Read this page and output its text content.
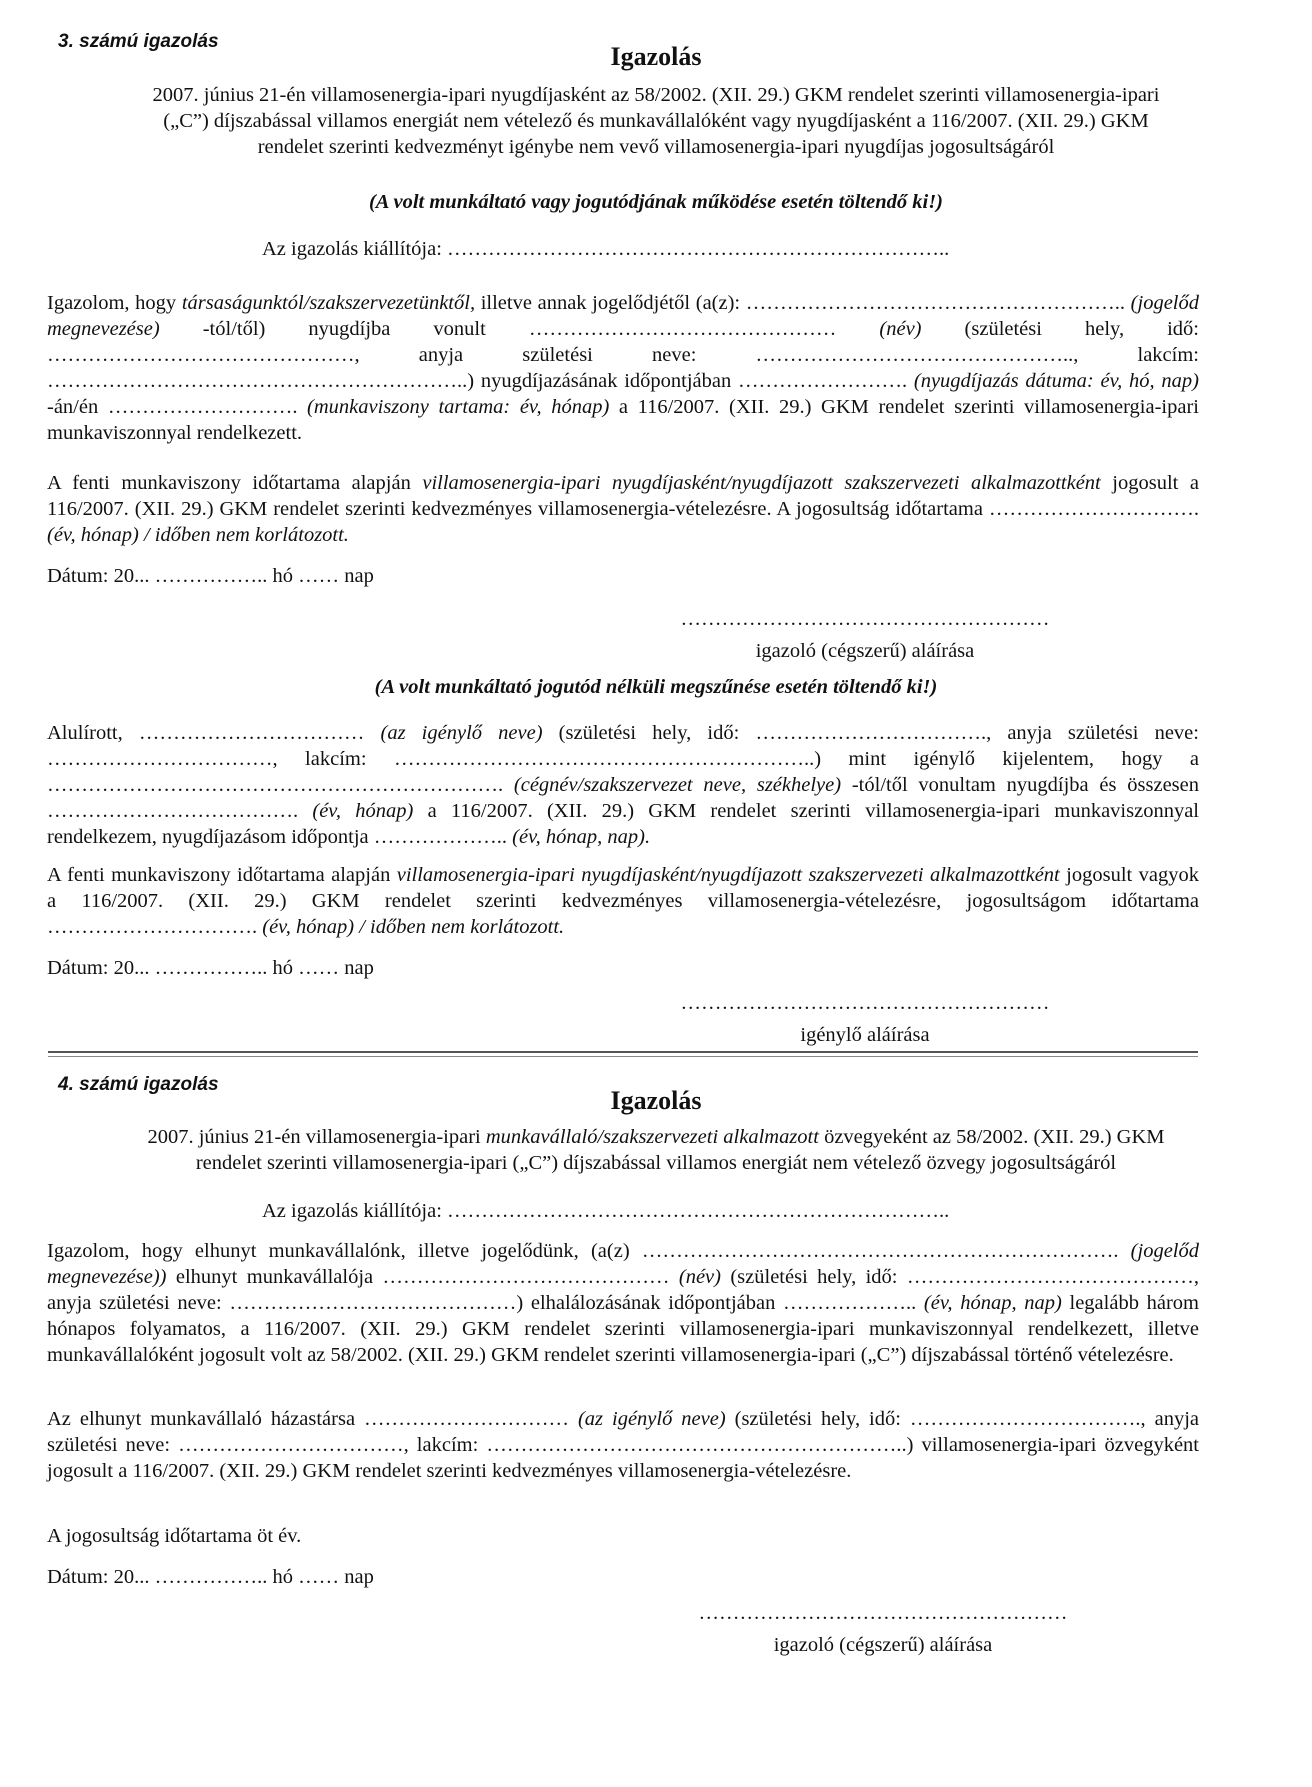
3. számú igazolás
Igazolás
2007. június 21-én villamosenergia-ipari nyugdíjasként az 58/2002. (XII. 29.) GKM rendelet szerinti villamosenergia-ipari
(„C”) díjszabással villamos energiát nem vételező és munkavállalóként vagy nyugdíjasként a 116/2007. (XII. 29.) GKM
rendelet szerinti kedvezményt igénybe nem vevő villamosenergia-ipari nyugdíjas jogosultságáról
(A volt munkáltató vagy jogutódjának működése esetén töltendő ki!)
Az igazolás kiállítója: ………………………………………………………………..

Igazolom, hogy társaságunktól/szakszervezetünktől, illetve annak jogelődjétől (a(z): ……………………………………………….. (jogelőd megnevezése) -tól/től) nyugdíjba vonult ……………………………………… (név) (születési hely, idő: ………………………………………, anyja születési neve: ……………………………………….., lakcím: ……………………………………………………..) nyugdíjazásának időpontjában ……………………. (nyugdíjazás dátuma: év, hó, nap) -án/én ………………………. (munkaviszony tartama: év, hónap) a 116/2007. (XII. 29.) GKM rendelet szerinti villamosenergia-ipari munkaviszonnyal rendelkezett.

A fenti munkaviszony időtartama alapján villamosenergia-ipari nyugdíjasként/nyugdíjazott szakszervezeti alkalmazottként jogosult a 116/2007. (XII. 29.) GKM rendelet szerinti kedvezményes villamosenergia-vételezésre. A jogosultság időtartama …………………………. (év, hónap) / időben nem korlátozott.

Dátum: 20... …………….. hó …… nap
………………………………………………
igazoló (cégszerű) aláírása
(A volt munkáltató jogutód nélküli megszűnése esetén töltendő ki!)

Alulírott, …………………………… (az igénylő neve) (születési hely, idő: ……………………………., anyja születési neve: ……………………………, lakcím: ……………………………………………………..) mint igénylő kijelentem, hogy a …………………………………………………………. (cégnév/szakszervezet neve, székhelye) -tól/től vonultam nyugdíjba és összesen ………………………………. (év, hónap) a 116/2007. (XII. 29.) GKM rendelet szerinti villamosenergia-ipari munkaviszonnyal rendelkezem, nyugdíjazásom időpontja ……………….. (év, hónap, nap).

A fenti munkaviszony időtartama alapján villamosenergia-ipari nyugdíjasként/nyugdíjazott szakszervezeti alkalmazottként jogosult vagyok a 116/2007. (XII. 29.) GKM rendelet szerinti kedvezményes villamosenergia-vételezésre, jogosultságom időtartama …………………………. (év, hónap) / időben nem korlátozott.

Dátum: 20... …………….. hó …… nap
………………………………………………
igénylő aláírása
4. számú igazolás
Igazolás
2007. június 21-én villamosenergia-ipari munkavállaló/szakszervezeti alkalmazott özvegyeként az 58/2002. (XII. 29.) GKM
rendelet szerinti villamosenergia-ipari („C”) díjszabással villamos energiát nem vételező özvegy jogosultságáról
Az igazolás kiállítója: ………………………………………………………………..

Igazolom, hogy elhunyt munkavállalónk, illetve jogelődünk, (a(z) ……………………………………………………………. (jogelőd megnevezése)) elhunyt munkavállalója …………………………………… (név) (születési hely, idő: ……………………………………, anyja születési neve: ……………………………………) elhalálozásának időpontjában ……………….. (év, hónap, nap) legalább három hónapos folyamatos, a 116/2007. (XII. 29.) GKM rendelet szerinti villamosenergia-ipari munkaviszonnyal rendelkezett, illetve munkavállalóként jogosult volt az 58/2002. (XII. 29.) GKM rendelet szerinti villamosenergia-ipari („C”) díjszabással történő vételezésre.

Az elhunyt munkavállaló házastársa ………………………… (az igénylő neve) (születési hely, idő: ……………………………., anyja születési neve: ……………………………, lakcím: ……………………………………………………..) villamosenergia-ipari özvegyként jogosult a 116/2007. (XII. 29.) GKM rendelet szerinti kedvezményes villamosenergia-vételezésre.

A jogosultság időtartama öt év.
Dátum: 20... …………….. hó …… nap
………………………………………………
igazoló (cégszerű) aláírása
